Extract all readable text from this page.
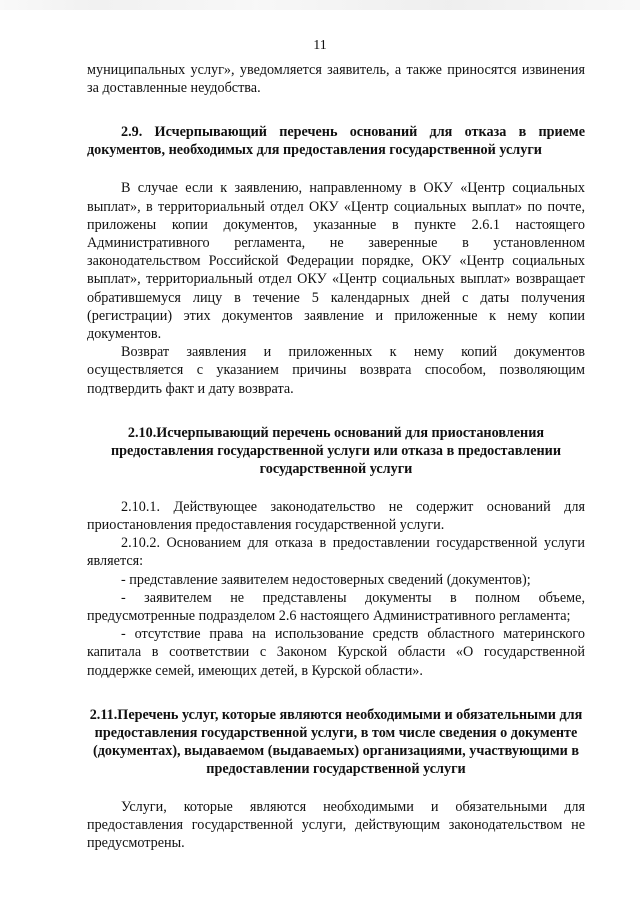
11

муниципальных услуг», уведомляется заявитель, а также приносятся извинения за доставленные неудобства.

2.9. Исчерпывающий перечень оснований для отказа в приеме документов, необходимых для предоставления государственной услуги

В случае если к заявлению, направленному в ОКУ «Центр социальных выплат», в территориальный отдел ОКУ «Центр социальных выплат» по почте, приложены копии документов, указанные в пункте 2.6.1 настоящего Административного регламента, не заверенные в установленном законодательством Российской Федерации порядке, ОКУ «Центр социальных выплат», территориальный отдел ОКУ «Центр социальных выплат» возвращает обратившемуся лицу в течение 5 календарных дней с даты получения (регистрации) этих документов заявление и приложенные к нему копии документов.

Возврат заявления и приложенных к нему копий документов осуществляется с указанием причины возврата способом, позволяющим подтвердить факт и дату возврата.

2.10.Исчерпывающий перечень оснований для приостановления предоставления государственной услуги или отказа в предоставлении государственной услуги

2.10.1. Действующее законодательство не содержит оснований для приостановления предоставления государственной услуги.

2.10.2. Основанием для отказа в предоставлении государственной услуги является:

- представление заявителем недостоверных сведений (документов);

- заявителем не представлены документы в полном объеме, предусмотренные подразделом 2.6 настоящего Административного регламента;

- отсутствие права на использование средств областного материнского капитала в соответствии с Законом Курской области «О государственной поддержке семей, имеющих детей, в Курской области».

2.11.Перечень услуг, которые являются необходимыми и обязательными для предоставления государственной услуги, в том числе сведения о документе (документах), выдаваемом (выдаваемых) организациями, участвующими в предоставлении государственной услуги

Услуги, которые являются необходимыми и обязательными для предоставления государственной услуги, действующим законодательством не предусмотрены.
